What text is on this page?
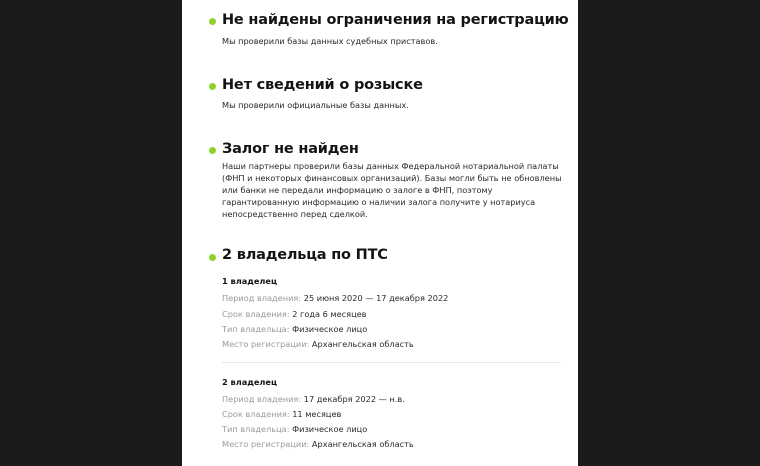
Не найдены ограничения на регистрацию
Мы проверили базы данных судебных приставов.
Нет сведений о розыске
Мы проверили официальные базы данных.
Залог не найден
Наши партнеры проверили базы данных Федеральной нотариальной палаты (ФНП и некоторых финансовых организаций). Базы могли быть не обновлены или банки не передали информацию о залоге в ФНП, поэтому гарантированную информацию о наличии залога получите у нотариуса непосредственно перед сделкой.
2 владельца по ПТС
1 владелец
Период владения: 25 июня 2020 — 17 декабря 2022
Срок владения: 2 года 6 месяцев
Тип владельца: Физическое лицо
Место регистрации: Архангельская область
2 владелец
Период владения: 17 декабря 2022 — н.в.
Срок владения: 11 месяцев
Тип владельца: Физическое лицо
Место регистрации: Архангельская область
